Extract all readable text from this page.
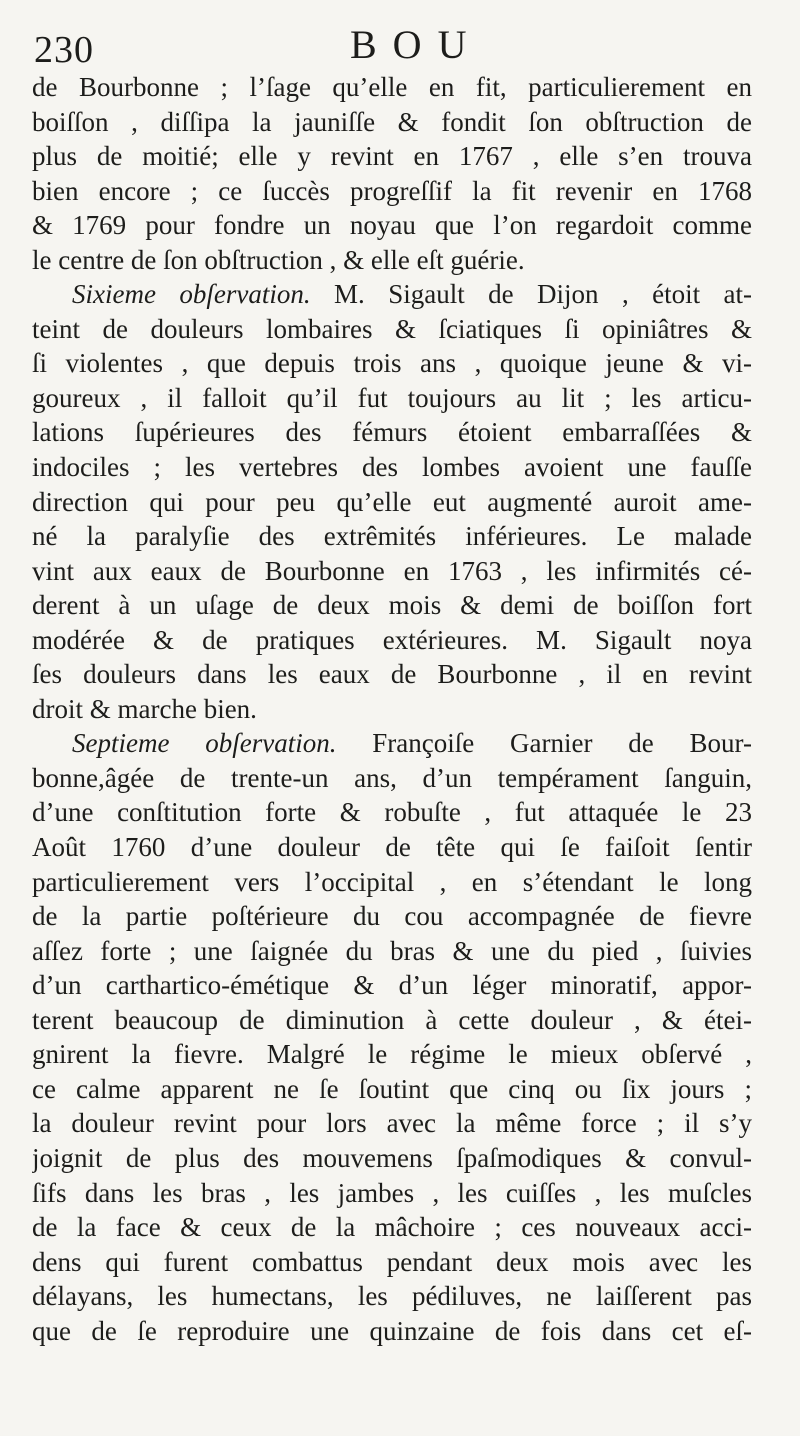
230	BOU
de Bourbonne ; l’ſage qu’elle en fit, particulierement en
boiſſon , diſſipa la jauniſſe & fondit ſon obſtruction de
plus de moitié; elle y revint en 1767 , elle s’en trouva
bien encore ; ce ſuccès progreſſif la fit revenir en 1768
& 1769 pour fondre un noyau que l’on regardoit comme
le centre de ſon obſtruction , & elle eſt guérie.
Sixieme obſervation. M. Sigault de Dijon , étoit at-
teint de douleurs lombaires & ſciatiques ſi opiniâtres &
ſi violentes , que depuis trois ans , quoique jeune & vi-
goureux , il falloit qu’il fut toujours au lit ; les articu-
lations ſupérieures des fémurs étoient embarraſſées &
indociles ; les vertebres des lombes avoient une fauſſe
direction qui pour peu qu’elle eut augmenté auroit ame-
né la paralyſie des extrêmités inférieures. Le malade
vint aux eaux de Bourbonne en 1763 , les infirmités cé-
derent à un uſage de deux mois & demi de boiſſon fort
modérée & de pratiques extérieures. M. Sigault noya
ſes douleurs dans les eaux de Bourbonne , il en revint
droit & marche bien.
Septieme obſervation. Françoiſe Garnier de Bour-
bonne,âgée de trente-un ans, d’un tempérament ſanguin,
d’une conſtitution forte & robuſte , fut attaquée le 23
Août 1760 d’une douleur de tête qui ſe faiſoit ſentir
particulierement vers l’occipital , en s’étendant le long
de la partie poſtérieure du cou accompagnée de fievre
aſſez forte ; une ſaignée du bras & une du pied , ſuivies
d’un carthartico-émétique & d’un léger minoratif, appor-
terent beaucoup de diminution à cette douleur , & étei-
gnirent la fievre. Malgré le régime le mieux obſervé ,
ce calme apparent ne ſe ſoutint que cinq ou ſix jours ;
la douleur revint pour lors avec la même force ; il s’y
joignit de plus des mouvemens ſpaſmodiques & convul-
ſifs dans les bras , les jambes , les cuiſſes , les muſcles
de la face & ceux de la mâchoire ; ces nouveaux acci-
dens qui furent combattus pendant deux mois avec les
délayans, les humectans, les pédiluves, ne laiſſerent pas
que de ſe reproduire une quinzaine de fois dans cet eſ-
